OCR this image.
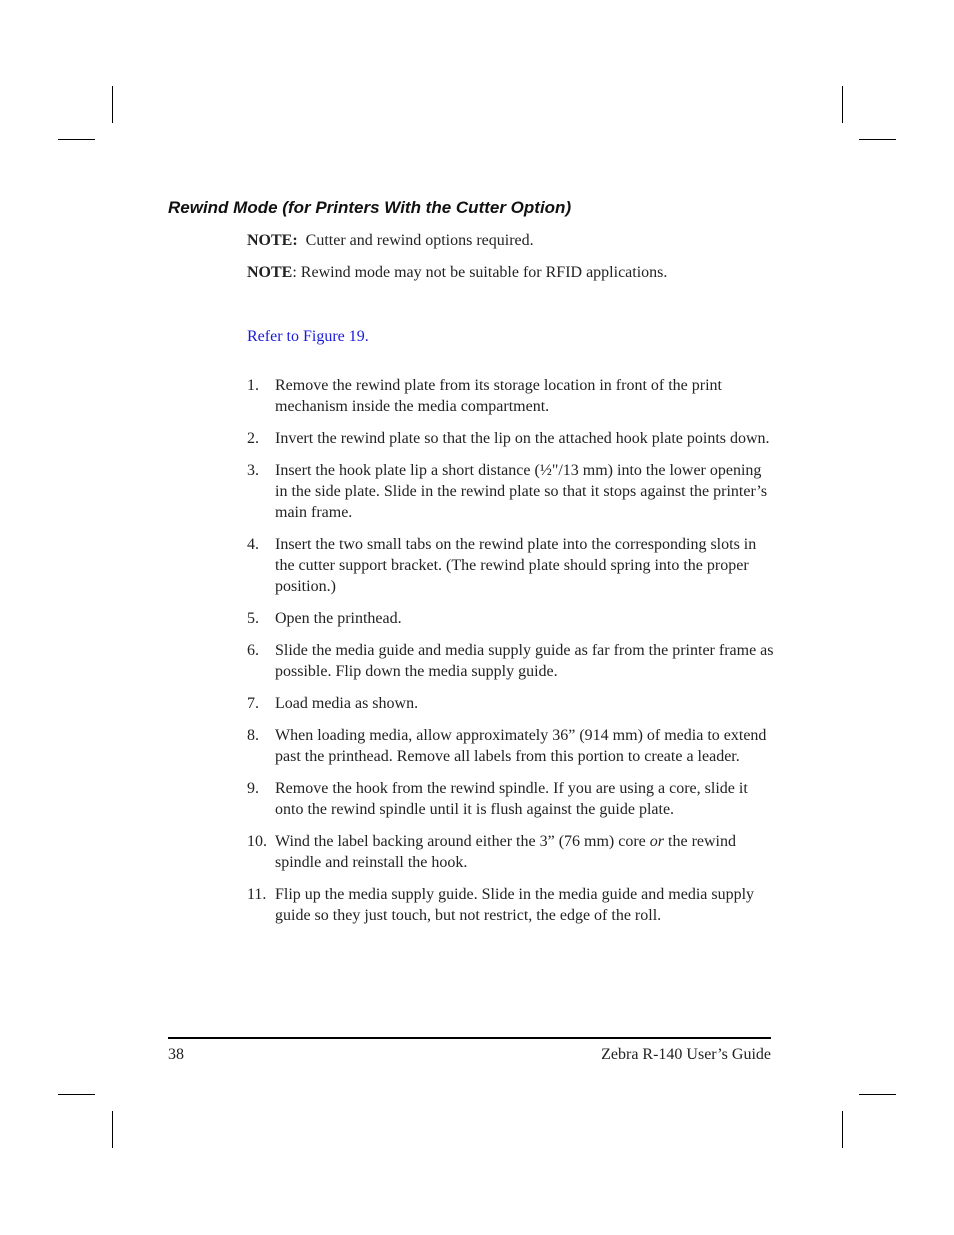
Rewind Mode (for Printers With the Cutter Option)

NOTE: Cutter and rewind options required.

NOTE: Rewind mode may not be suitable for RFID applications.

Refer to Figure 19.
1. Remove the rewind plate from its storage location in front of the print mechanism inside the media compartment.
2. Invert the rewind plate so that the lip on the attached hook plate points down.
3. Insert the hook plate lip a short distance (½"/13 mm) into the lower opening in the side plate. Slide in the rewind plate so that it stops against the printer’s main frame.
4. Insert the two small tabs on the rewind plate into the corresponding slots in the cutter support bracket. (The rewind plate should spring into the proper position.)
5. Open the printhead.
6. Slide the media guide and media supply guide as far from the printer frame as possible. Flip down the media supply guide.
7. Load media as shown.
8. When loading media, allow approximately 36” (914 mm) of media to extend past the printhead. Remove all labels from this portion to create a leader.
9. Remove the hook from the rewind spindle. If you are using a core, slide it onto the rewind spindle until it is flush against the guide plate.
10. Wind the label backing around either the 3” (76 mm) core or the rewind spindle and reinstall the hook.
11. Flip up the media supply guide. Slide in the media guide and media supply guide so they just touch, but not restrict, the edge of the roll.
38	Zebra R-140 User’s Guide
